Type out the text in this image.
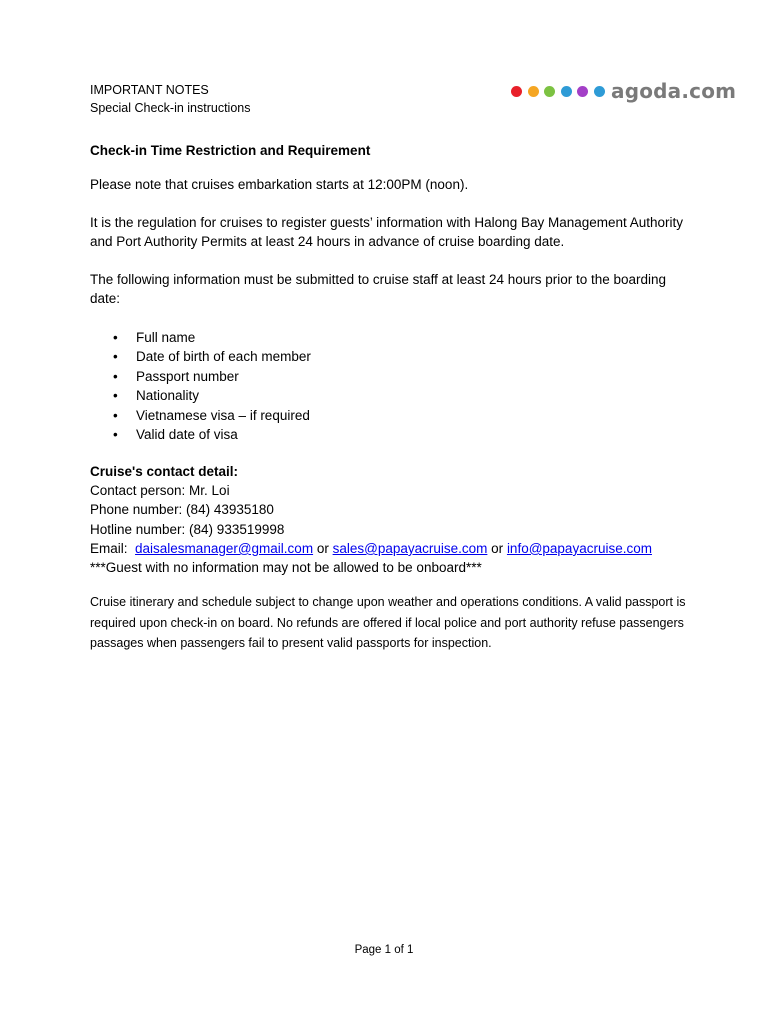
IMPORTANT NOTES
Special Check-in instructions
agoda.com
Check-in Time Restriction and Requirement

Please note that cruises embarkation starts at 12:00PM (noon).

It is the regulation for cruises to register guests’ information with Halong Bay Management Authority and Port Authority Permits at least 24 hours in advance of cruise boarding date.

The following information must be submitted to cruise staff at least 24 hours prior to the boarding date:

• Full name
• Date of birth of each member
• Passport number
• Nationality
• Vietnamese visa – if required
• Valid date of visa
Cruise's contact detail:
Contact person: Mr. Loi
Phone number: (84) 43935180
Hotline number: (84) 933519998
Email: daisalesmanager@gmail.com or sales@papayacruise.com or info@papayacruise.com
***Guest with no information may not be allowed to be onboard***

Cruise itinerary and schedule subject to change upon weather and operations conditions. A valid passport is required upon check-in on board. No refunds are offered if local police and port authority refuse passengers passages when passengers fail to present valid passports for inspection.

Page 1 of 1
